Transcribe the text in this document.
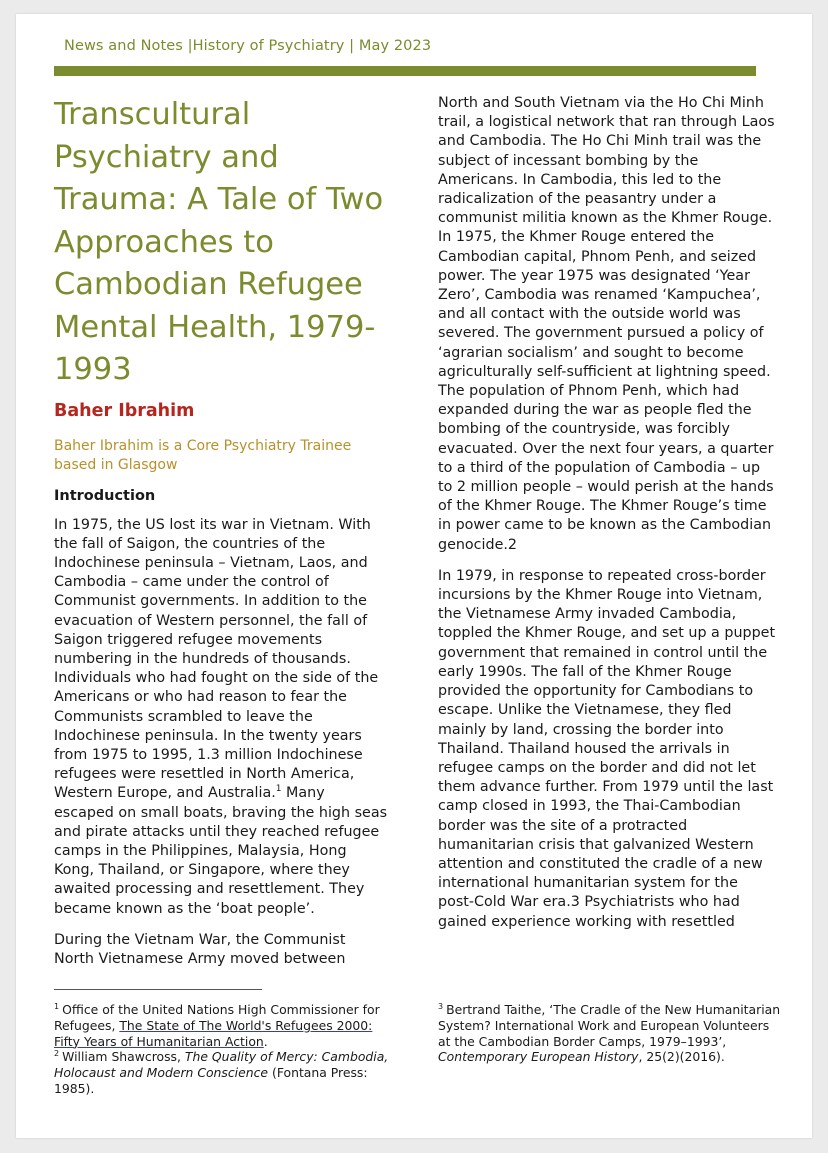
News and Notes |History of Psychiatry | May 2023
Transcultural Psychiatry and Trauma: A Tale of Two Approaches to Cambodian Refugee Mental Health, 1979-1993
Baher Ibrahim
Baher Ibrahim is a Core Psychiatry Trainee based in Glasgow
Introduction

In 1975, the US lost its war in Vietnam. With the fall of Saigon, the countries of the Indochinese peninsula – Vietnam, Laos, and Cambodia – came under the control of Communist governments. In addition to the evacuation of Western personnel, the fall of Saigon triggered refugee movements numbering in the hundreds of thousands. Individuals who had fought on the side of the Americans or who had reason to fear the Communists scrambled to leave the Indochinese peninsula. In the twenty years from 1975 to 1995, 1.3 million Indochinese refugees were resettled in North America, Western Europe, and Australia.$^1$ Many escaped on small boats, braving the high seas and pirate attacks until they reached refugee camps in the Philippines, Malaysia, Hong Kong, Thailand, or Singapore, where they awaited processing and resettlement. They became known as the ‘boat people’.

During the Vietnam War, the Communist North Vietnamese Army moved between

North and South Vietnam via the Ho Chi Minh trail, a logistical network that ran through Laos and Cambodia. The Ho Chi Minh trail was the subject of incessant bombing by the Americans. In Cambodia, this led to the radicalization of the peasantry under a communist militia known as the Khmer Rouge. In 1975, the Khmer Rouge entered the Cambodian capital, Phnom Penh, and seized power. The year 1975 was designated ‘Year Zero’, Cambodia was renamed ‘Kampuchea’, and all contact with the outside world was severed. The government pursued a policy of ‘agrarian socialism’ and sought to become agriculturally self-sufficient at lightning speed. The population of Phnom Penh, which had expanded during the war as people fled the bombing of the countryside, was forcibly evacuated. Over the next four years, a quarter to a third of the population of Cambodia – up to 2 million people – would perish at the hands of the Khmer Rouge. The Khmer Rouge’s time in power came to be known as the Cambodian genocide.2

In 1979, in response to repeated cross-border incursions by the Khmer Rouge into Vietnam, the Vietnamese Army invaded Cambodia, toppled the Khmer Rouge, and set up a puppet government that remained in control until the early 1990s. The fall of the Khmer Rouge provided the opportunity for Cambodians to escape. Unlike the Vietnamese, they fled mainly by land, crossing the border into Thailand. Thailand housed the arrivals in refugee camps on the border and did not let them advance further. From 1979 until the last camp closed in 1993, the Thai-Cambodian border was the site of a protracted humanitarian crisis that galvanized Western attention and constituted the cradle of a new international humanitarian system for the post-Cold War era.3 Psychiatrists who had gained experience working with resettled

$^1$ Office of the United Nations High Commissioner for Refugees, The State of The World's Refugees 2000: Fifty Years of Humanitarian Action.

$^2$ William Shawcross, The Quality of Mercy: Cambodia, Holocaust and Modern Conscience (Fontana Press: 1985).

$^3$ Bertrand Taithe, ‘The Cradle of the New Humanitarian System? International Work and European Volunteers at the Cambodian Border Camps, 1979–1993’, Contemporary European History, 25(2)(2016).
